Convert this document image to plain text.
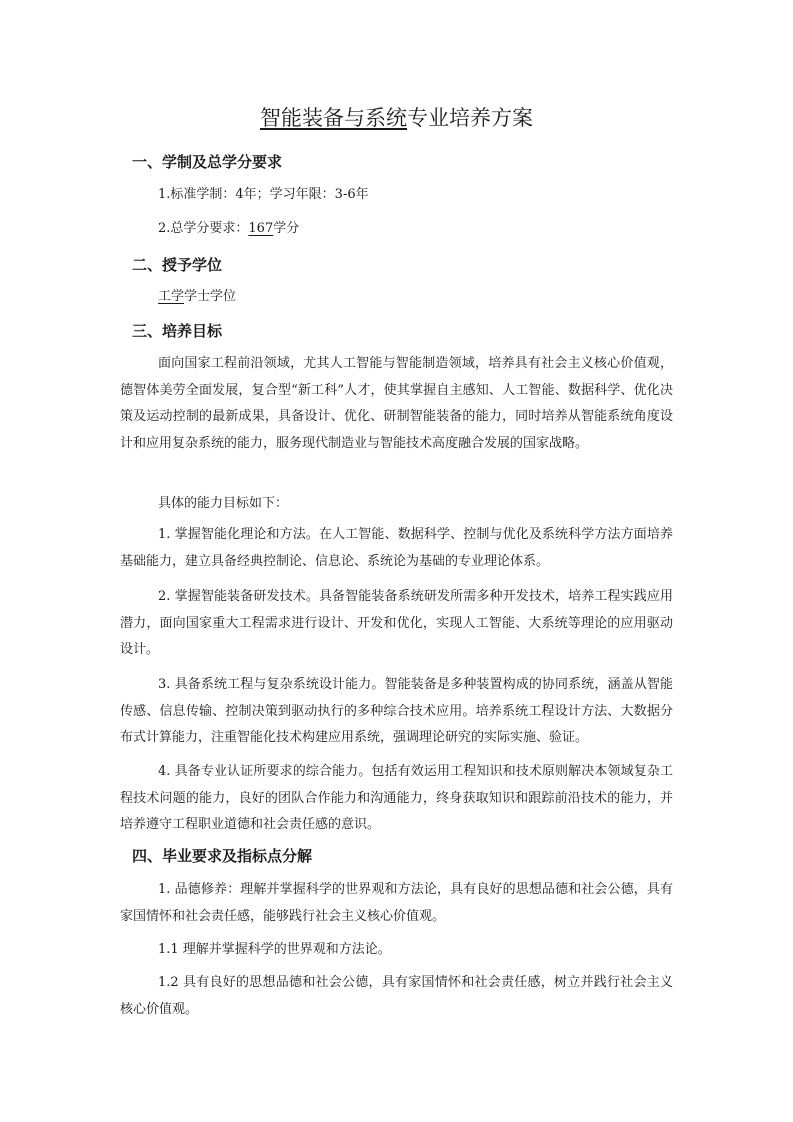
智能装备与系统专业培养方案
一、学制及总学分要求

1.标准学制：4年；学习年限：3-6年

2.总学分要求：167学分

二、授予学位

工学学士学位

三、培养目标

面向国家工程前沿领域，尤其人工智能与智能制造领域，培养具有社会主义核心价值观，德智体美劳全面发展，复合型“新工科”人才，使其掌握自主感知、人工智能、数据科学、优化决策及运动控制的最新成果，具备设计、优化、研制智能装备的能力，同时培养从智能系统角度设计和应用复杂系统的能力，服务现代制造业与智能技术高度融合发展的国家战略。

具体的能力目标如下：

1. 掌握智能化理论和方法。在人工智能、数据科学、控制与优化及系统科学方法方面培养基础能力，建立具备经典控制论、信息论、系统论为基础的专业理论体系。

2. 掌握智能装备研发技术。具备智能装备系统研发所需多种开发技术，培养工程实践应用潜力，面向国家重大工程需求进行设计、开发和优化，实现人工智能、大系统等理论的应用驱动设计。

3. 具备系统工程与复杂系统设计能力。智能装备是多种装置构成的协同系统，涵盖从智能传感、信息传输、控制决策到驱动执行的多种综合技术应用。培养系统工程设计方法、大数据分布式计算能力，注重智能化技术构建应用系统，强调理论研究的实际实施、验证。

4. 具备专业认证所要求的综合能力。包括有效运用工程知识和技术原则解决本领域复杂工程技术问题的能力，良好的团队合作能力和沟通能力，终身获取知识和跟踪前沿技术的能力，并培养遵守工程职业道德和社会责任感的意识。

四、毕业要求及指标点分解

1. 品德修养：理解并掌握科学的世界观和方法论，具有良好的思想品德和社会公德，具有家国情怀和社会责任感，能够践行社会主义核心价值观。

1.1 理解并掌握科学的世界观和方法论。

1.2 具有良好的思想品德和社会公德，具有家国情怀和社会责任感，树立并践行社会主义核心价值观。
